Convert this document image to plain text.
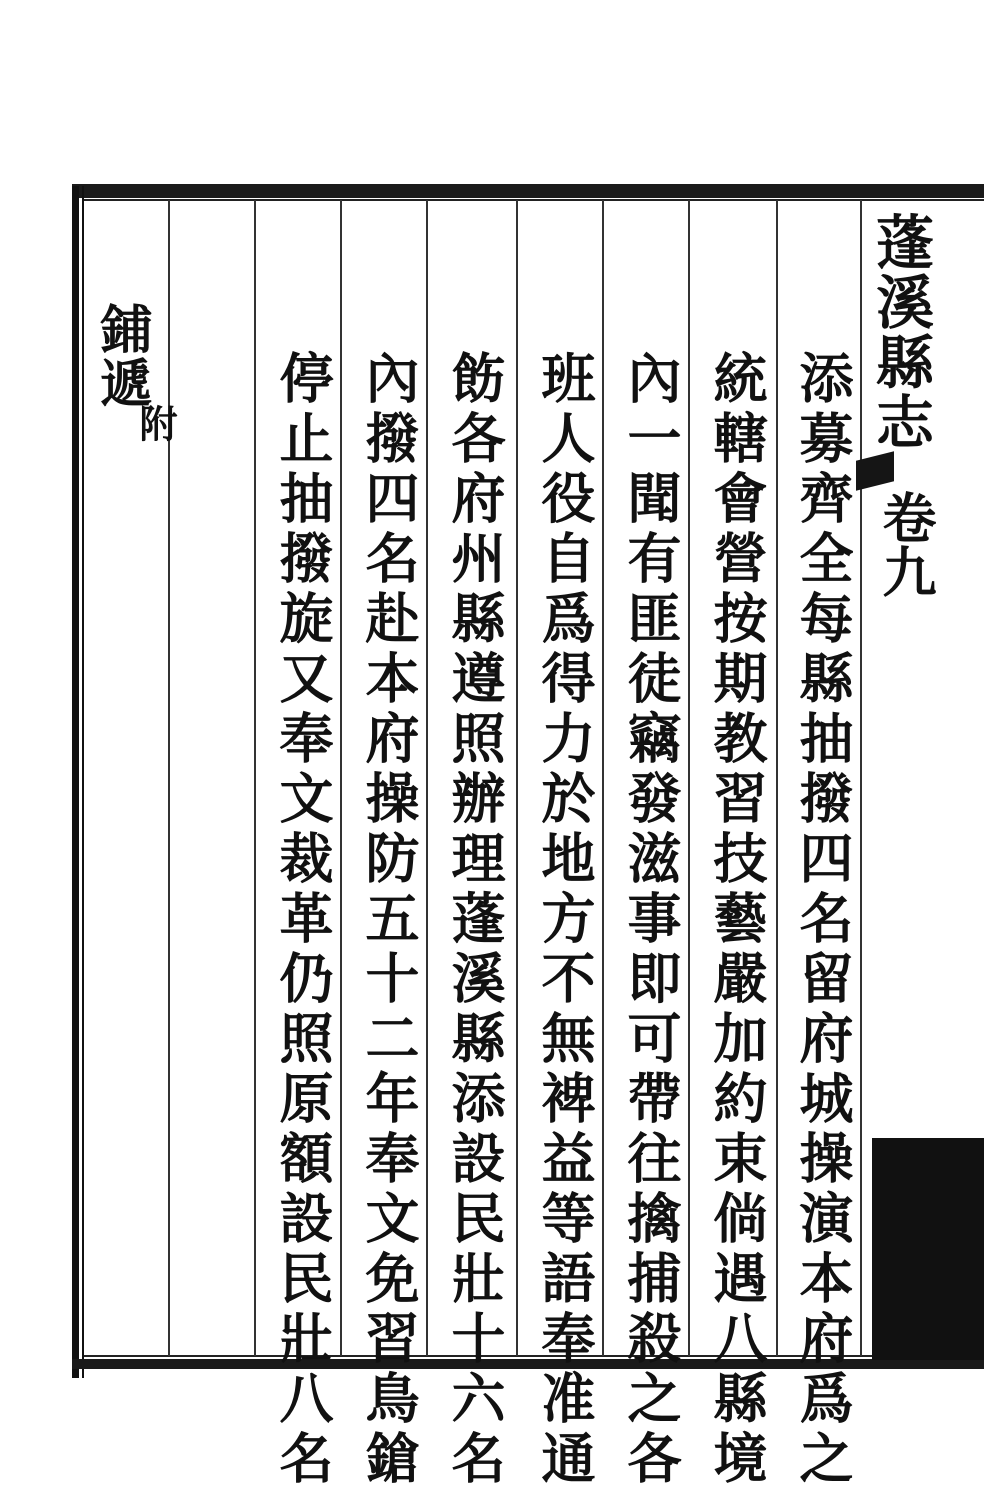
蓬溪縣志
卷九
添募齊全每縣抽撥四名留府城操演本府爲之
統轄會營按期教習技藝嚴加約束倘遇八縣境
內一聞有匪徒竊發滋事即可帶往擒捕殺之各
班人役自爲得力於地方不無裨益等語奉准通
飭各府州縣遵照辦理蓬溪縣添設民壯十六名
內撥四名赴本府操防五十二年奉文免習鳥鎗
停止抽撥旋又奉文裁革仍照原額設民壯八名
鋪遞
附
